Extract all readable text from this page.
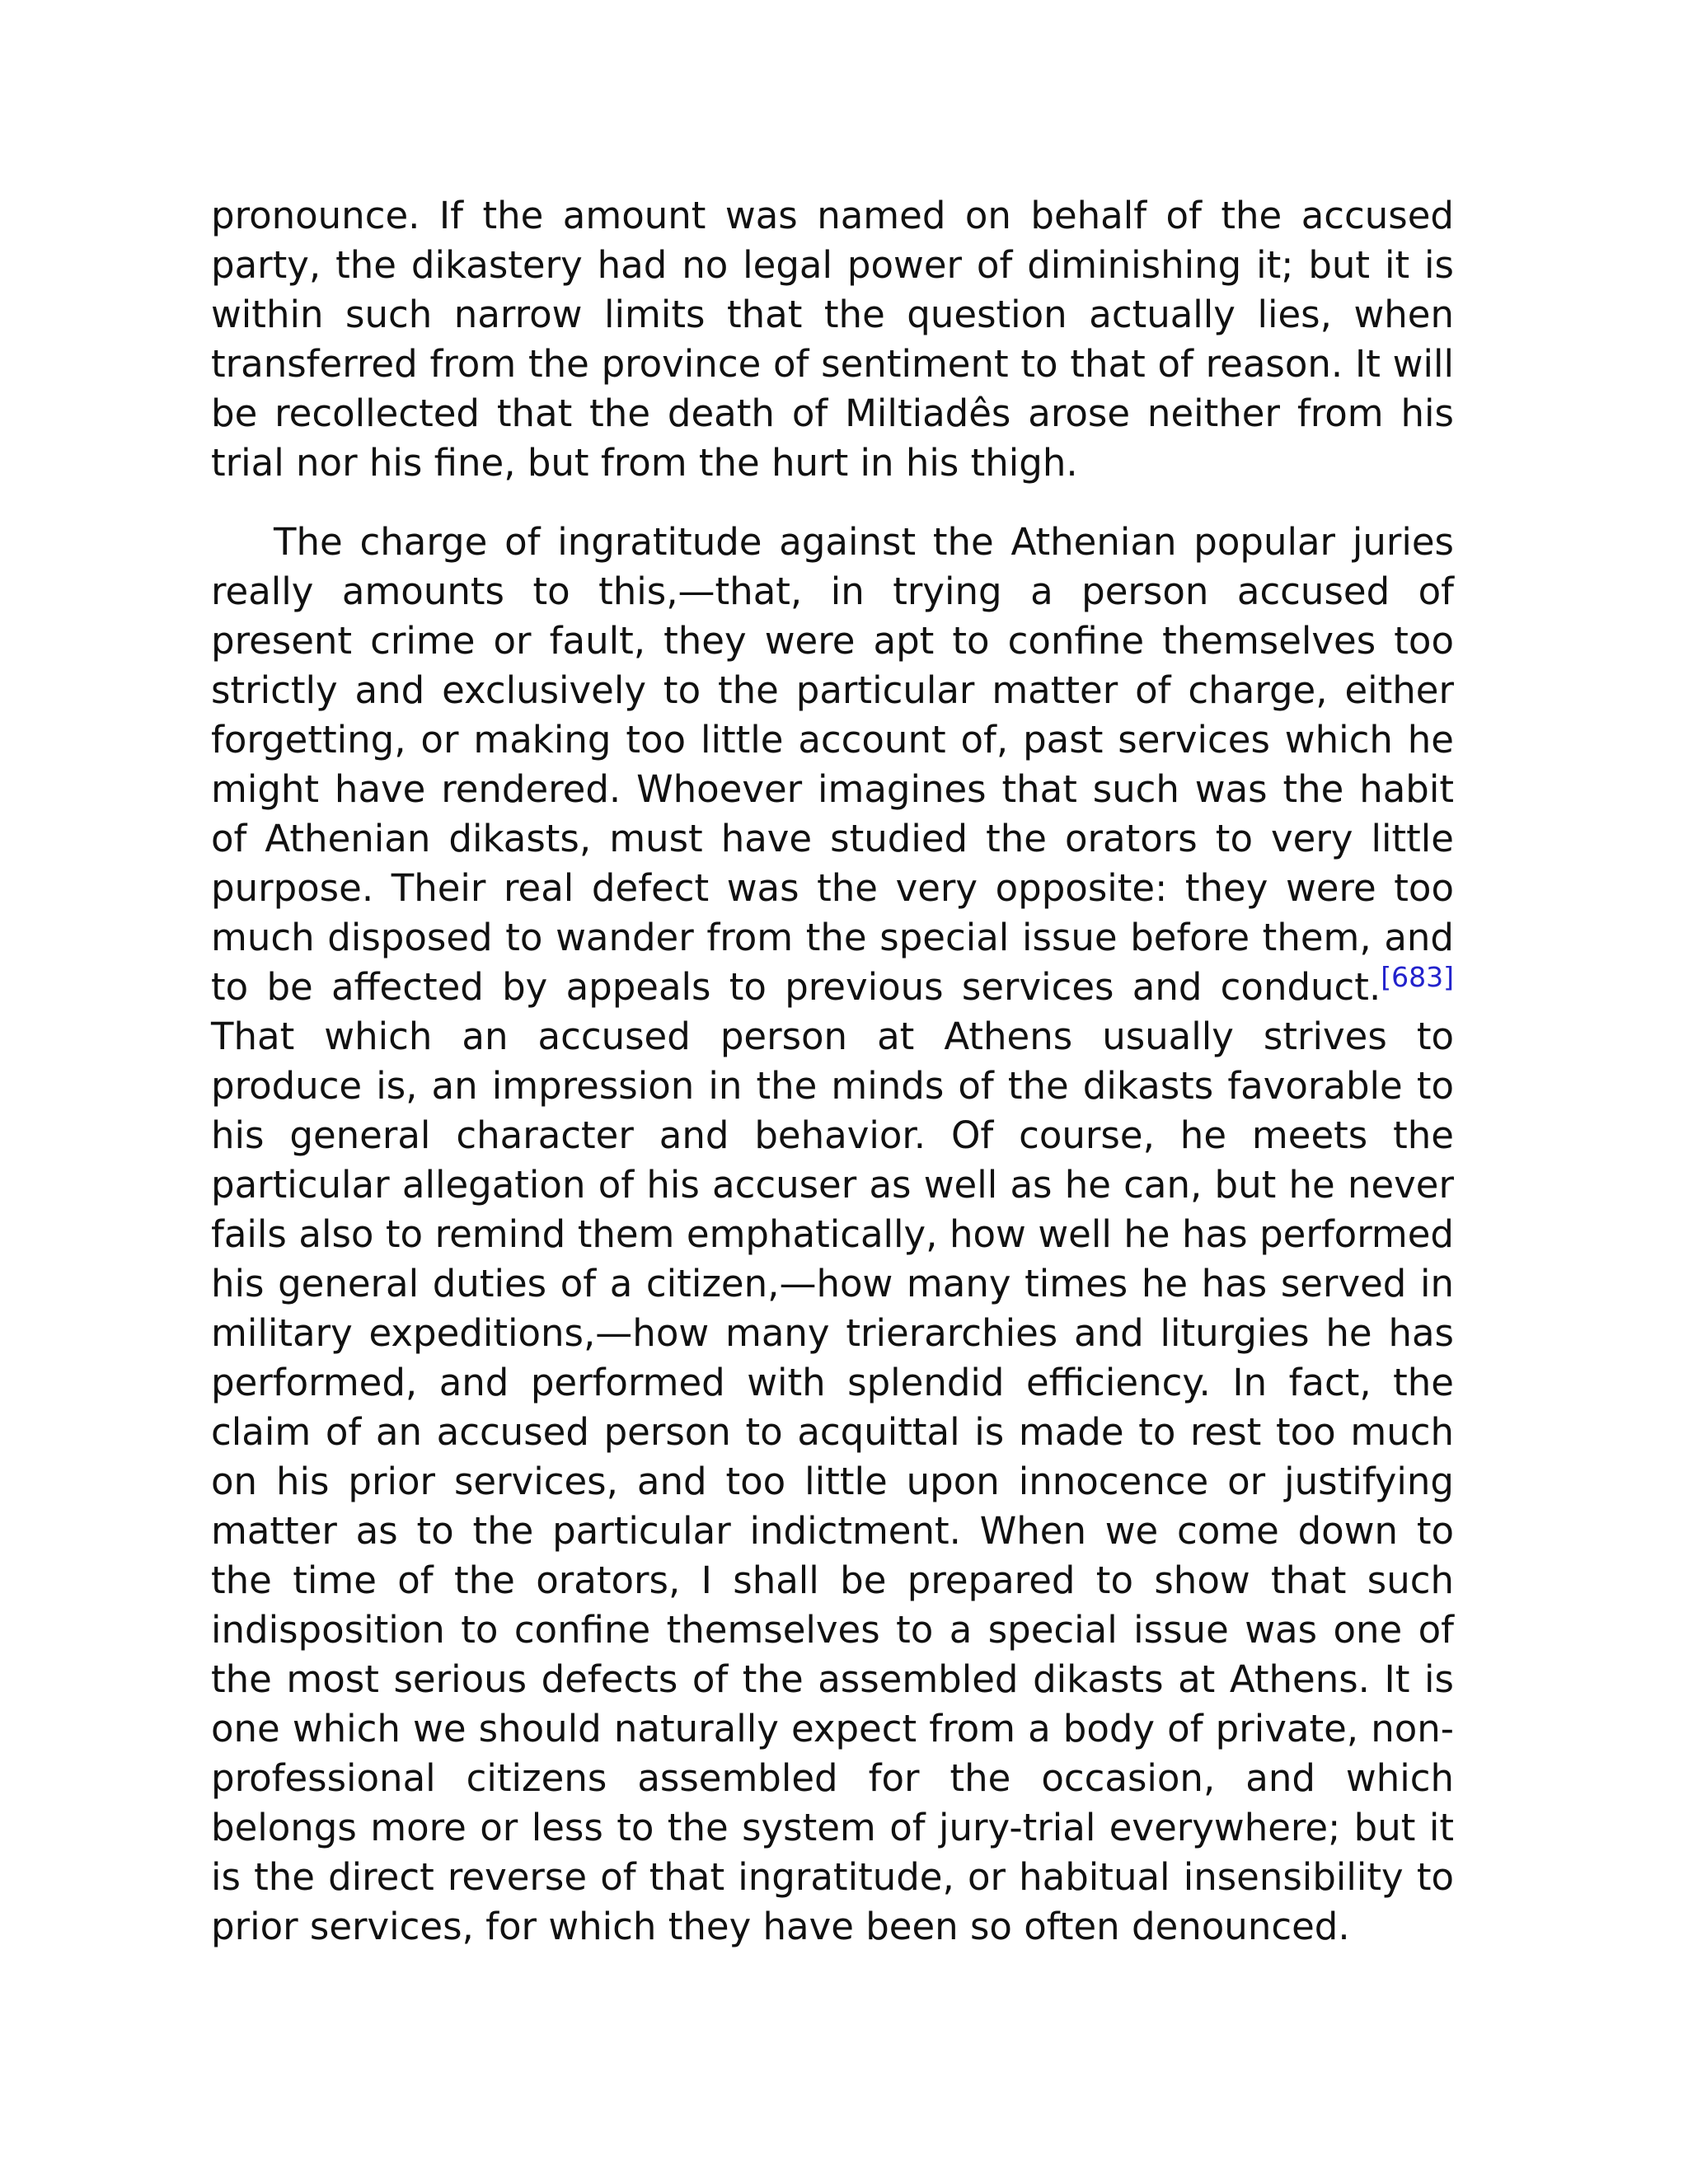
pronounce. If the amount was named on behalf of the accused party, the dikastery had no legal power of diminishing it; but it is within such narrow limits that the question actually lies, when transferred from the province of sentiment to that of reason. It will be recollected that the death of Miltiadês arose neither from his trial nor his fine, but from the hurt in his thigh.

The charge of ingratitude against the Athenian popular juries really amounts to this,—that, in trying a person accused of present crime or fault, they were apt to confine themselves too strictly and exclusively to the particular matter of charge, either forgetting, or making too little account of, past services which he might have rendered. Whoever imagines that such was the habit of Athenian dikasts, must have studied the orators to very little purpose. Their real defect was the very opposite: they were too much disposed to wander from the special issue before them, and to be affected by appeals to previous services and conduct.[683] That which an accused person at Athens usually strives to produce is, an impression in the minds of the dikasts favorable to his general character and behavior. Of course, he meets the particular allegation of his accuser as well as he can, but he never fails also to remind them emphatically, how well he has performed his general duties of a citizen,—how many times he has served in military expeditions,—how many trierarchies and liturgies he has performed, and performed with splendid efficiency. In fact, the claim of an accused person to acquittal is made to rest too much on his prior services, and too little upon innocence or justifying matter as to the particular indictment. When we come down to the time of the orators, I shall be prepared to show that such indisposition to confine themselves to a special issue was one of the most serious defects of the assembled dikasts at Athens. It is one which we should naturally expect from a body of private, non-professional citizens assembled for the occasion, and which belongs more or less to the system of jury-trial everywhere; but it is the direct reverse of that ingratitude, or habitual insensibility to prior services, for which they have been so often denounced.
